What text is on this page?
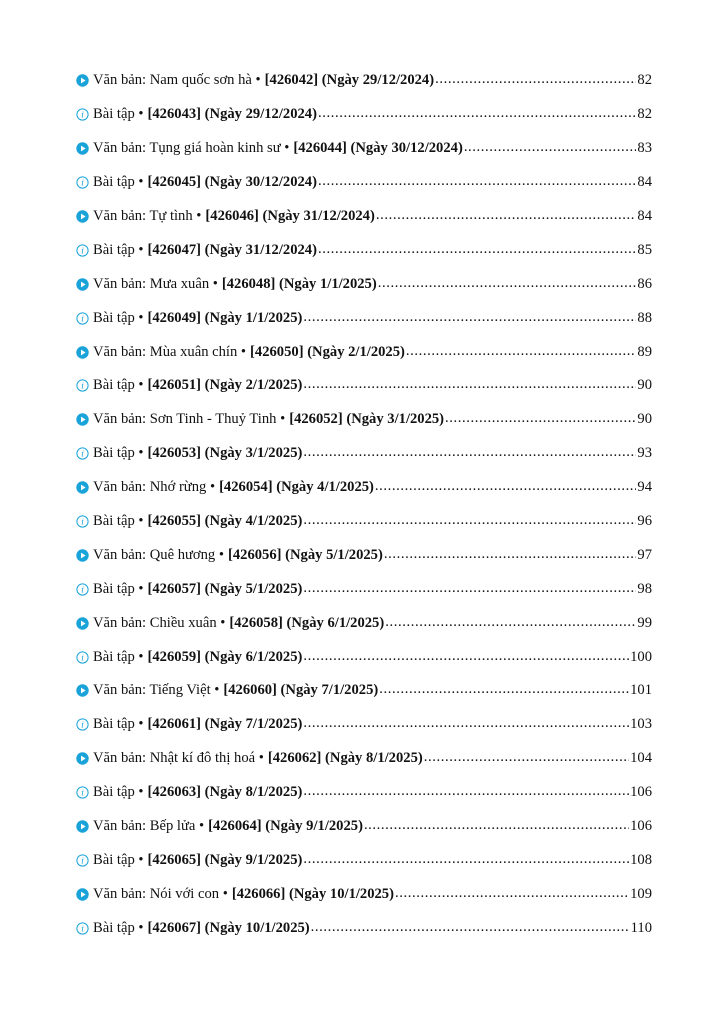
Văn bản: Nam quốc sơn hà • [426042] (Ngày 29/12/2024) .....	82
i Bài tập • [426043] (Ngày 29/12/2024) .....	82
Văn bản: Tụng giá hoàn kinh sư • [426044] (Ngày 30/12/2024) .....	83
i Bài tập • [426045] (Ngày 30/12/2024) .....	84
Văn bản: Tự tình • [426046] (Ngày 31/12/2024) .....	84
i Bài tập • [426047] (Ngày 31/12/2024) .....	85
Văn bản: Mưa xuân • [426048] (Ngày 1/1/2025) .....	86
i Bài tập • [426049] (Ngày 1/1/2025) .....	88
Văn bản: Mùa xuân chín • [426050] (Ngày 2/1/2025) .....	89
i Bài tập • [426051] (Ngày 2/1/2025) .....	90
Văn bản: Sơn Tinh - Thuỷ Tinh • [426052] (Ngày 3/1/2025) .....	90
i Bài tập • [426053] (Ngày 3/1/2025) .....	93
Văn bản: Nhớ rừng • [426054] (Ngày 4/1/2025) .....	94
i Bài tập • [426055] (Ngày 4/1/2025) .....	96
Văn bản: Quê hương • [426056] (Ngày 5/1/2025) .....	97
i Bài tập • [426057] (Ngày 5/1/2025) .....	98
Văn bản: Chiều xuân • [426058] (Ngày 6/1/2025) .....	99
i Bài tập • [426059] (Ngày 6/1/2025) .....	100
Văn bản: Tiếng Việt • [426060] (Ngày 7/1/2025) .....	101
i Bài tập • [426061] (Ngày 7/1/2025) .....	103
Văn bản: Nhật kí đô thị hoá • [426062] (Ngày 8/1/2025) .....	104
i Bài tập • [426063] (Ngày 8/1/2025) .....	106
Văn bản: Bếp lửa • [426064] (Ngày 9/1/2025) .....	106
i Bài tập • [426065] (Ngày 9/1/2025) .....	108
Văn bản: Nói với con • [426066] (Ngày 10/1/2025) .....	109
i Bài tập • [426067] (Ngày 10/1/2025) .....	110
